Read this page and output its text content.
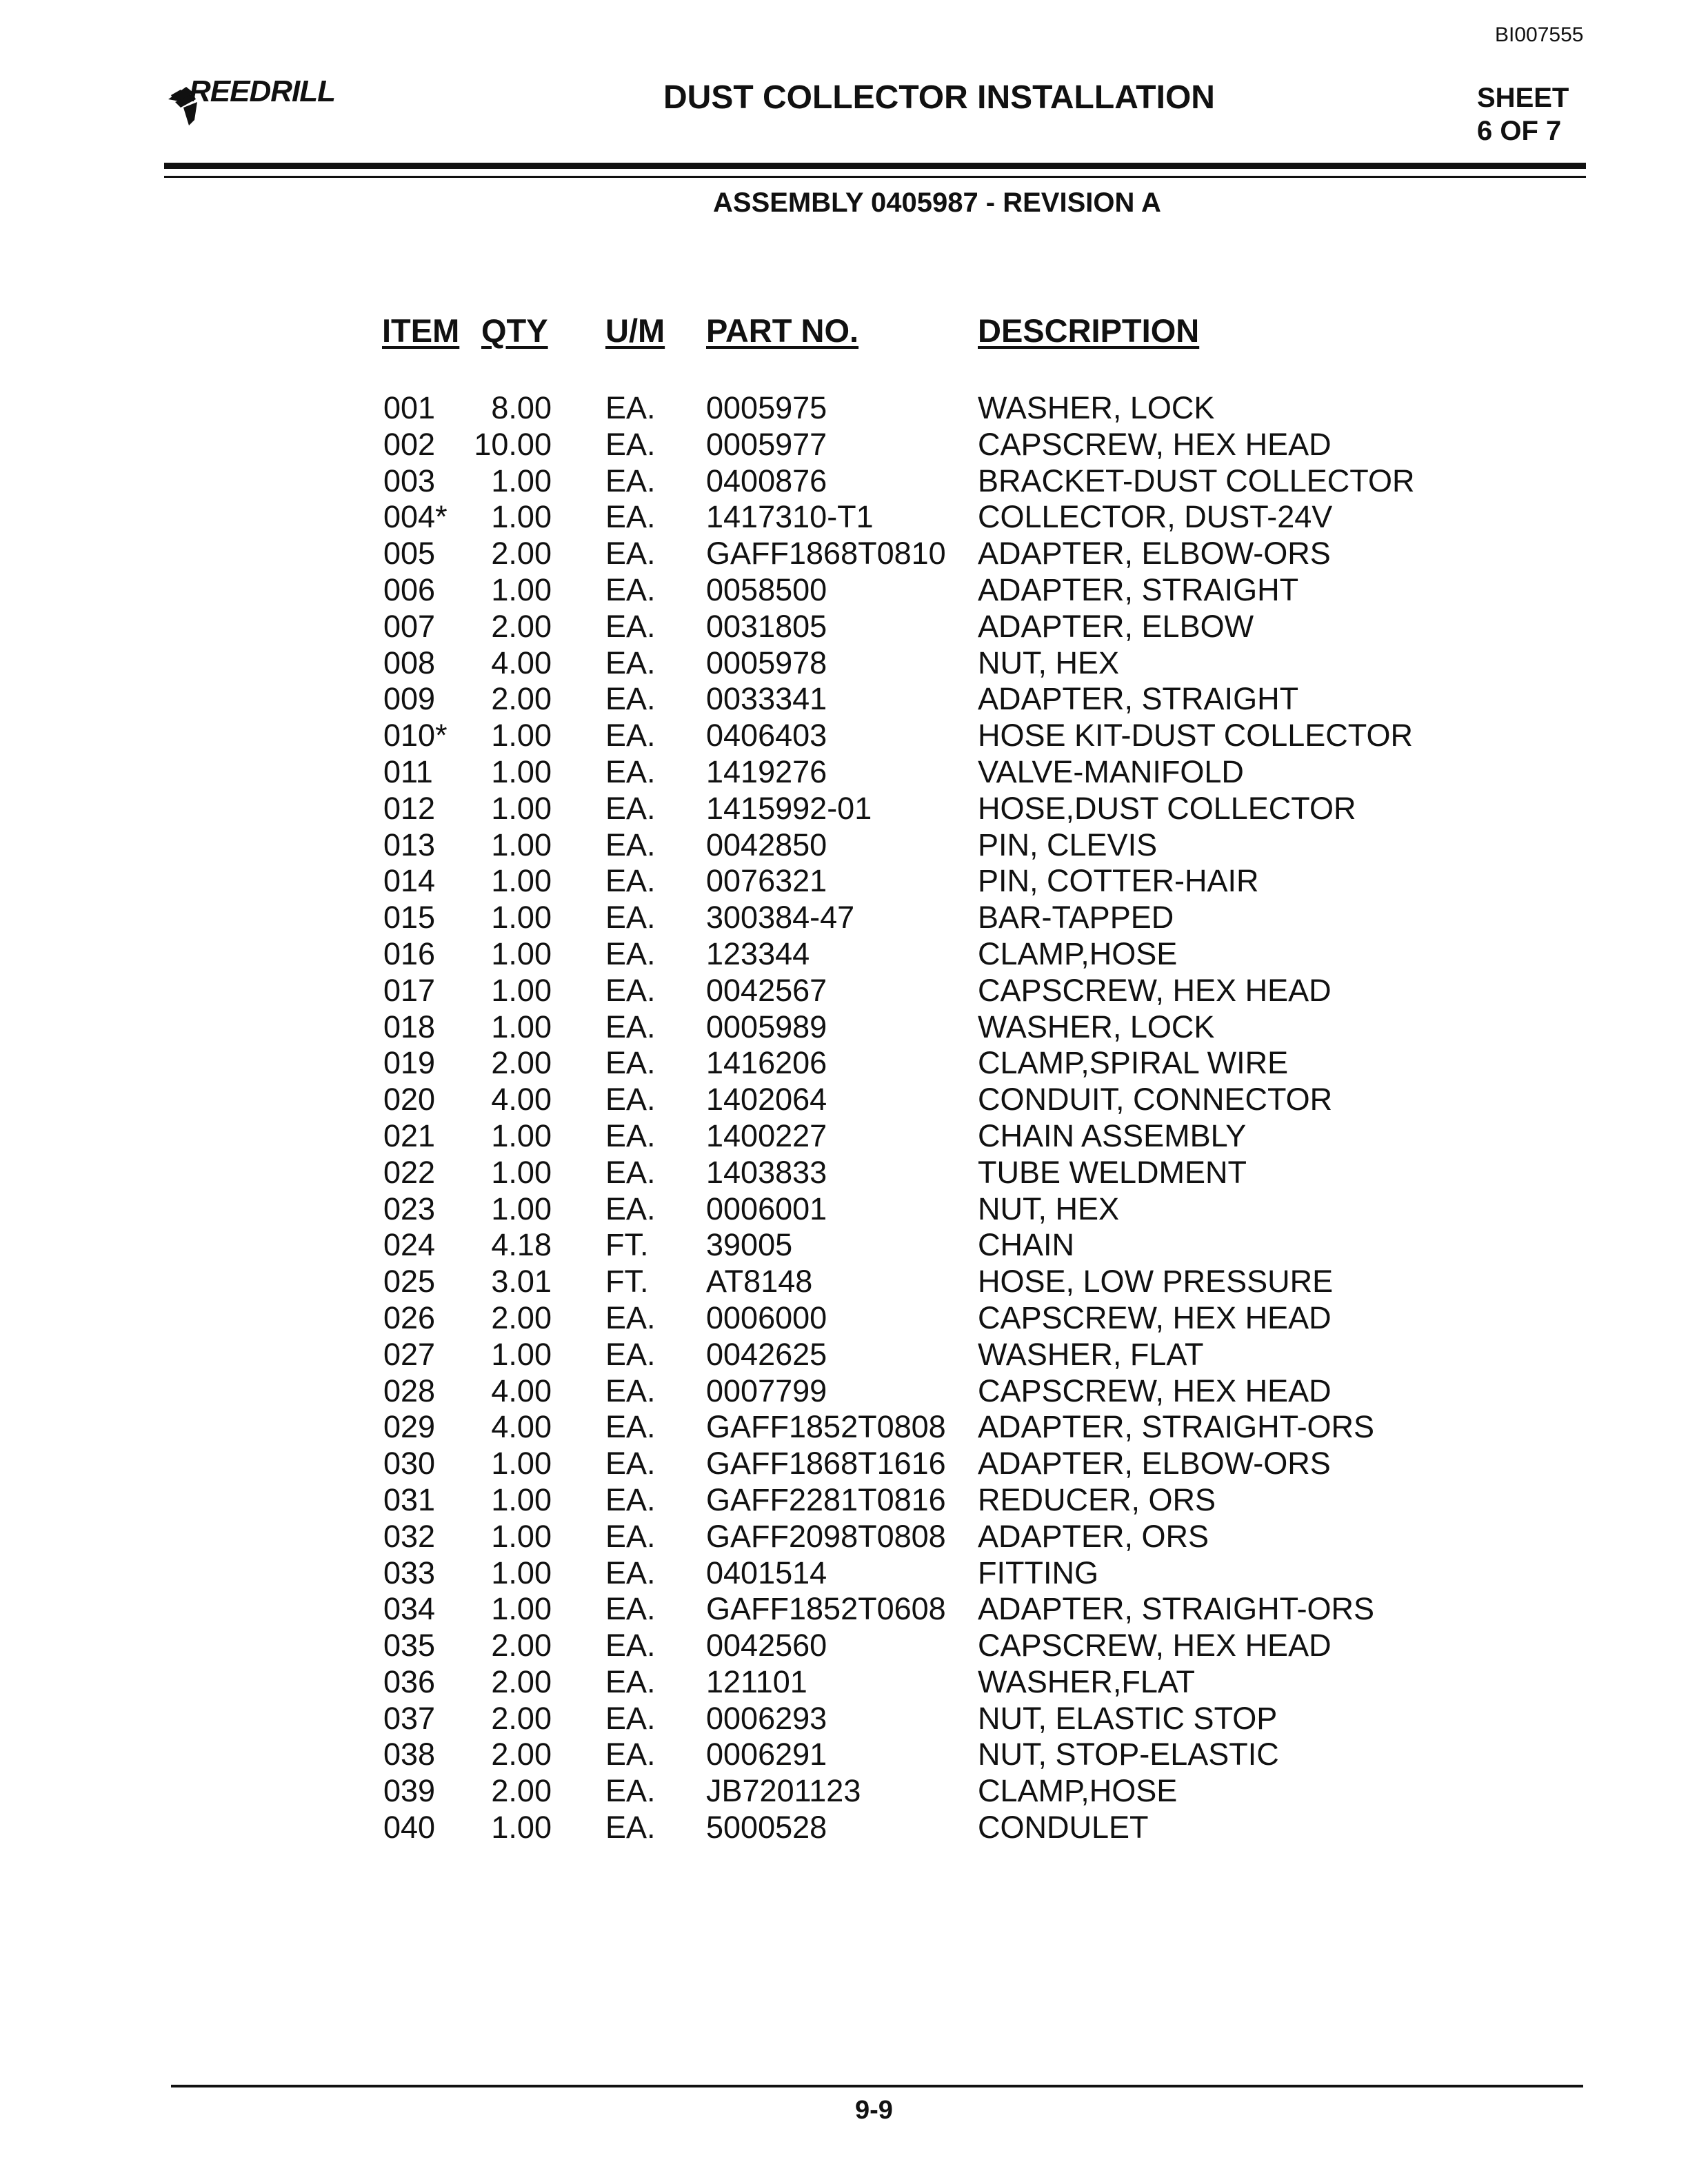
BI007555
REEDRILL	DUST COLLECTOR INSTALLATION	SHEET
6 OF 7
ASSEMBLY 0405987 - REVISION A
ITEM QTY U/M PART NO.	DESCRIPTION
001	8.00 EA. 0005975	WASHER, LOCK
002 10.00 EA. 0005977	CAPSCREW, HEX HEAD
003	1.00 EA. 0400876	BRACKET-DUST COLLECTOR
004*	1.00 EA. 1417310-T1	COLLECTOR, DUST-24V
005	2.00 EA. GAFF1868T0810 ADAPTER, ELBOW-ORS
006	1.00 EA. 0058500	ADAPTER, STRAIGHT
007	2.00 EA. 0031805	ADAPTER, ELBOW
008	4.00 EA. 0005978	NUT, HEX
009	2.00 EA. 0033341	ADAPTER, STRAIGHT
010*	1.00 EA. 0406403	HOSE KIT-DUST COLLECTOR
011	1.00 EA. 1419276	VALVE-MANIFOLD
012	1.00 EA. 1415992-01	HOSE,DUST COLLECTOR
013	1.00 EA. 0042850	PIN, CLEVIS
014	1.00 EA. 0076321	PIN, COTTER-HAIR
015	1.00 EA. 300384-47	BAR-TAPPED
016	1.00 EA. 123344	CLAMP,HOSE
017	1.00 EA. 0042567	CAPSCREW, HEX HEAD
018	1.00 EA. 0005989	WASHER, LOCK
019	2.00 EA. 1416206	CLAMP,SPIRAL WIRE
020	4.00 EA. 1402064	CONDUIT, CONNECTOR
021	1.00 EA. 1400227	CHAIN ASSEMBLY
022	1.00 EA. 1403833	TUBE WELDMENT
023	1.00 EA. 0006001	NUT, HEX
024	4.18 FT. 39005	CHAIN
025	3.01 FT. AT8148	HOSE, LOW PRESSURE
026	2.00 EA. 0006000	CAPSCREW, HEX HEAD
027	1.00 EA. 0042625	WASHER, FLAT
028	4.00 EA. 0007799	CAPSCREW, HEX HEAD
029	4.00 EA. GAFF1852T0808 ADAPTER, STRAIGHT-ORS
030	1.00 EA. GAFF1868T1616 ADAPTER, ELBOW-ORS
031	1.00 EA. GAFF2281T0816 REDUCER, ORS
032	1.00 EA. GAFF2098T0808 ADAPTER, ORS
033	1.00 EA. 0401514	FITTING
034	1.00 EA. GAFF1852T0608 ADAPTER, STRAIGHT-ORS
035	2.00 EA. 0042560	CAPSCREW, HEX HEAD
036	2.00 EA. 121101	WASHER,FLAT
037	2.00 EA. 0006293	NUT, ELASTIC STOP
038	2.00 EA. 0006291	NUT, STOP-ELASTIC
039	2.00 EA. JB7201123	CLAMP,HOSE
040	1.00 EA. 5000528	CONDULET
9-9
